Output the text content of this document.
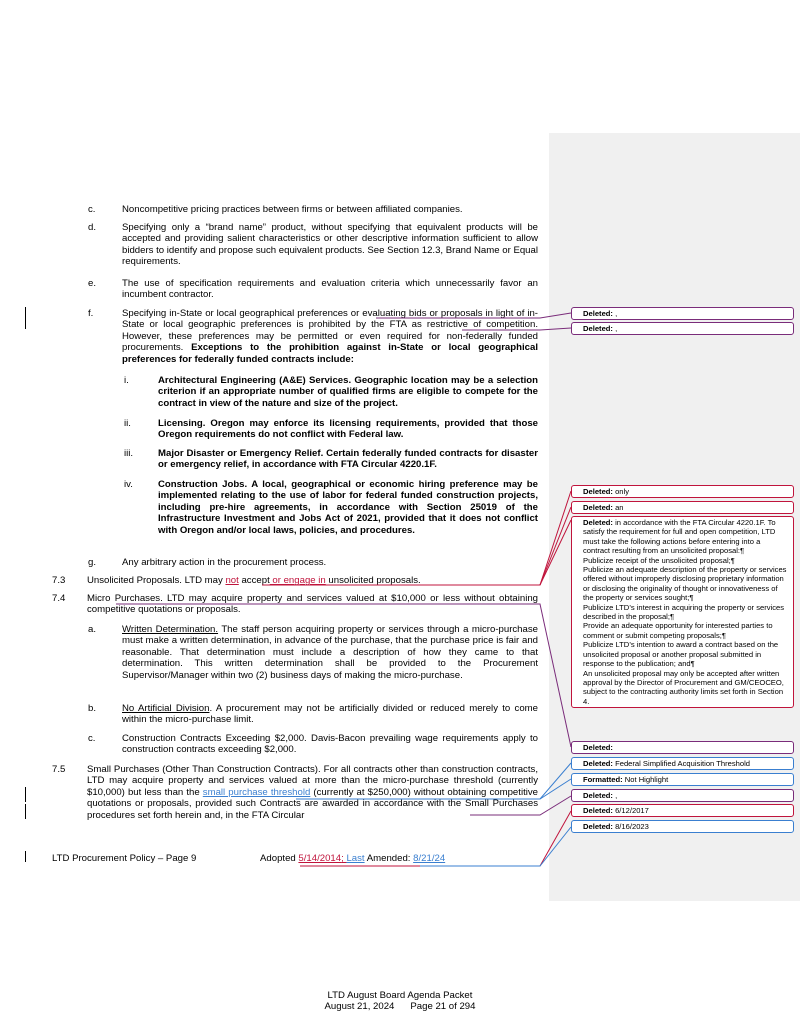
c.	Noncompetitive pricing practices between firms or between affiliated companies.
d.	Specifying only a “brand name” product, without specifying that equivalent products will be accepted and providing salient characteristics or other descriptive information sufficient to allow bidders to identify and propose such equivalent products. See Section 12.3, Brand Name or Equal requirements.
e.	The use of specification requirements and evaluation criteria which unnecessarily favor an incumbent contractor.
f.	Specifying in-State or local geographical preferences or evaluating bids or proposals in light of in-State or local geographic preferences is prohibited by the FTA as restrictive of competition. However, these preferences may be permitted or even required for non-federally funded procurements. Exceptions to the prohibition against in-State or local geographical preferences for federally funded contracts include:
i.	Architectural Engineering (A&E) Services. Geographic location may be a selection criterion if an appropriate number of qualified firms are eligible to compete for the contract in view of the nature and size of the project.
ii.	Licensing. Oregon may enforce its licensing requirements, provided that those Oregon requirements do not conflict with Federal law.
iii.	Major Disaster or Emergency Relief. Certain federally funded contracts for disaster or emergency relief, in accordance with FTA Circular 4220.1F.
iv.	Construction Jobs. A local, geographical or economic hiring preference may be implemented relating to the use of labor for federal funded construction projects, including pre-hire agreements, in accordance with Section 25019 of the Infrastructure Investment and Jobs Act of 2021, provided that it does not conflict with Oregon and/or local laws, policies, and procedures.
g.	Any arbitrary action in the procurement process.
7.3 Unsolicited Proposals. LTD may not accept or engage in unsolicited proposals.
7.4 Micro Purchases. LTD may acquire property and services valued at $10,000 or less without obtaining competitive quotations or proposals.
a.	Written Determination. The staff person acquiring property or services through a micro-purchase must make a written determination, in advance of the purchase, that the purchase price is fair and reasonable. That determination must include a description of how they came to that determination. This written determination shall be provided to the Procurement Supervisor/Manager within two (2) business days of making the micro-purchase.
b.	No Artificial Division. A procurement may not be artificially divided or reduced merely to come within the micro-purchase limit.
c.	Construction Contracts Exceeding $2,000. Davis-Bacon prevailing wage requirements apply to construction contracts exceeding $2,000.
7.5 Small Purchases (Other Than Construction Contracts). For all contracts other than construction contracts, LTD may acquire property and services valued at more than the micro-purchase threshold (currently $10,000) but less than the small purchase threshold (currently at $250,000) without obtaining competitive quotations or proposals, provided such Contracts are awarded in accordance with the Small Purchases procedures set forth herein and, in the FTA Circular
LTD Procurement Policy – Page 9	Adopted 5/14/2014; Last Amended: 8/21/24
LTD August Board Agenda Packet
August 21, 2024 Page 21 of 294
Deleted: ,
Deleted: ,
Deleted: only
Deleted: an
Deleted: in accordance with the FTA Circular 4220.1F. To satisfy the requirement for full and open competition, LTD must take the following actions before entering into a contract resulting from an unsolicited proposal:¶
Publicize receipt of the unsolicited proposal;¶
Publicize an adequate description of the property or services offered without improperly disclosing proprietary information or disclosing the originality of thought or innovativeness of the property or services sought;¶
Publicize LTD’s interest in acquiring the property or services described in the proposal;¶
Provide an adequate opportunity for interested parties to comment or submit competing proposals;¶
Publicize LTD’s intention to award a contract based on the unsolicited proposal or another proposal submitted in response to the publication; and¶
An unsolicited proposal may only be accepted after written approval by the Director of Procurement and GM/CEOCEO, subject to the contracting authority limits set forth in Section 4.
Deleted:
Deleted: Federal Simplified Acquisition Threshold
Formatted: Not Highlight
Deleted: ,
Deleted: 6/12/2017
Deleted: 8/16/2023
